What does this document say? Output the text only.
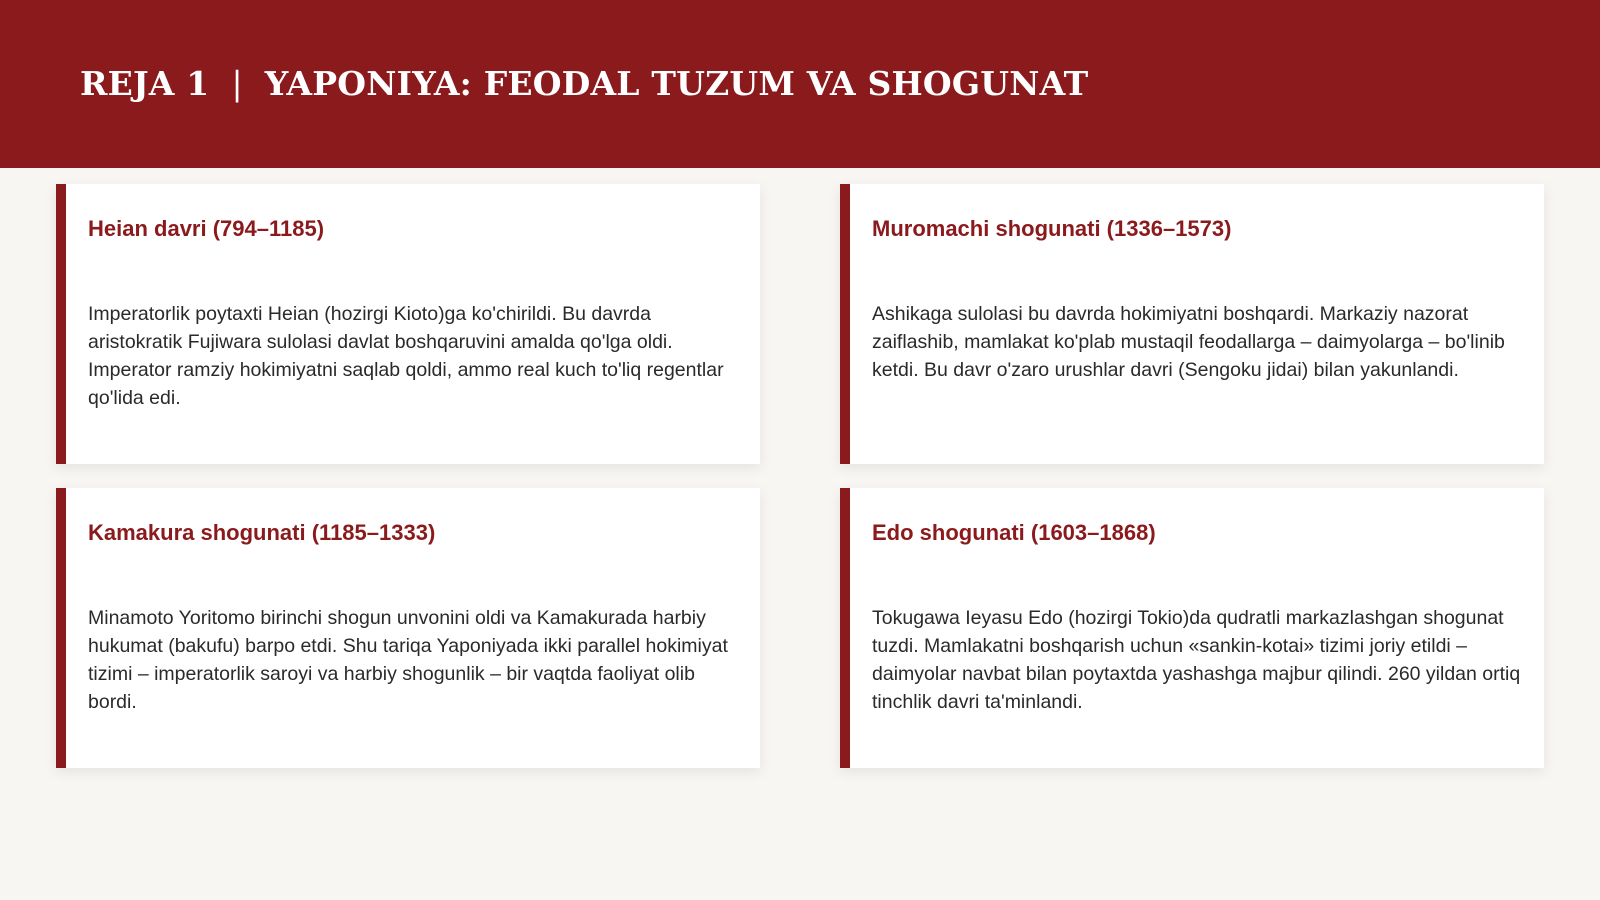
REJA 1 | YAPONIYA: FEODAL TUZUM VA SHOGUNAT
Heian davri (794–1185)

Imperatorlik poytaxti Heian (hozirgi Kioto)ga ko'chirildi. Bu davrda aristokratik Fujiwara sulolasi davlat boshqaruvini amalda qo'lga oldi. Imperator ramziy hokimiyatni saqlab qoldi, ammo real kuch to'liq regentlar qo'lida edi.

Muromachi shogunati (1336–1573)

Ashikaga sulolasi bu davrda hokimiyatni boshqardi. Markaziy nazorat zaiflashib, mamlakat ko'plab mustaqil feodallarga – daimyolarga – bo'linib ketdi. Bu davr o'zaro urushlar davri (Sengoku jidai) bilan yakunlandi.

Kamakura shogunati (1185–1333)

Minamoto Yoritomo birinchi shogun unvonini oldi va Kamakurada harbiy hukumat (bakufu) barpo etdi. Shu tariqa Yaponiyada ikki parallel hokimiyat tizimi – imperatorlik saroyi va harbiy shogunlik – bir vaqtda faoliyat olib bordi.

Edo shogunati (1603–1868)

Tokugawa Ieyasu Edo (hozirgi Tokio)da qudratli markazlashgan shogunat tuzdi. Mamlakatni boshqarish uchun «sankin-kotai» tizimi joriy etildi – daimyolar navbat bilan poytaxtda yashashga majbur qilindi. 260 yildan ortiq tinchlik davri ta'minlandi.
